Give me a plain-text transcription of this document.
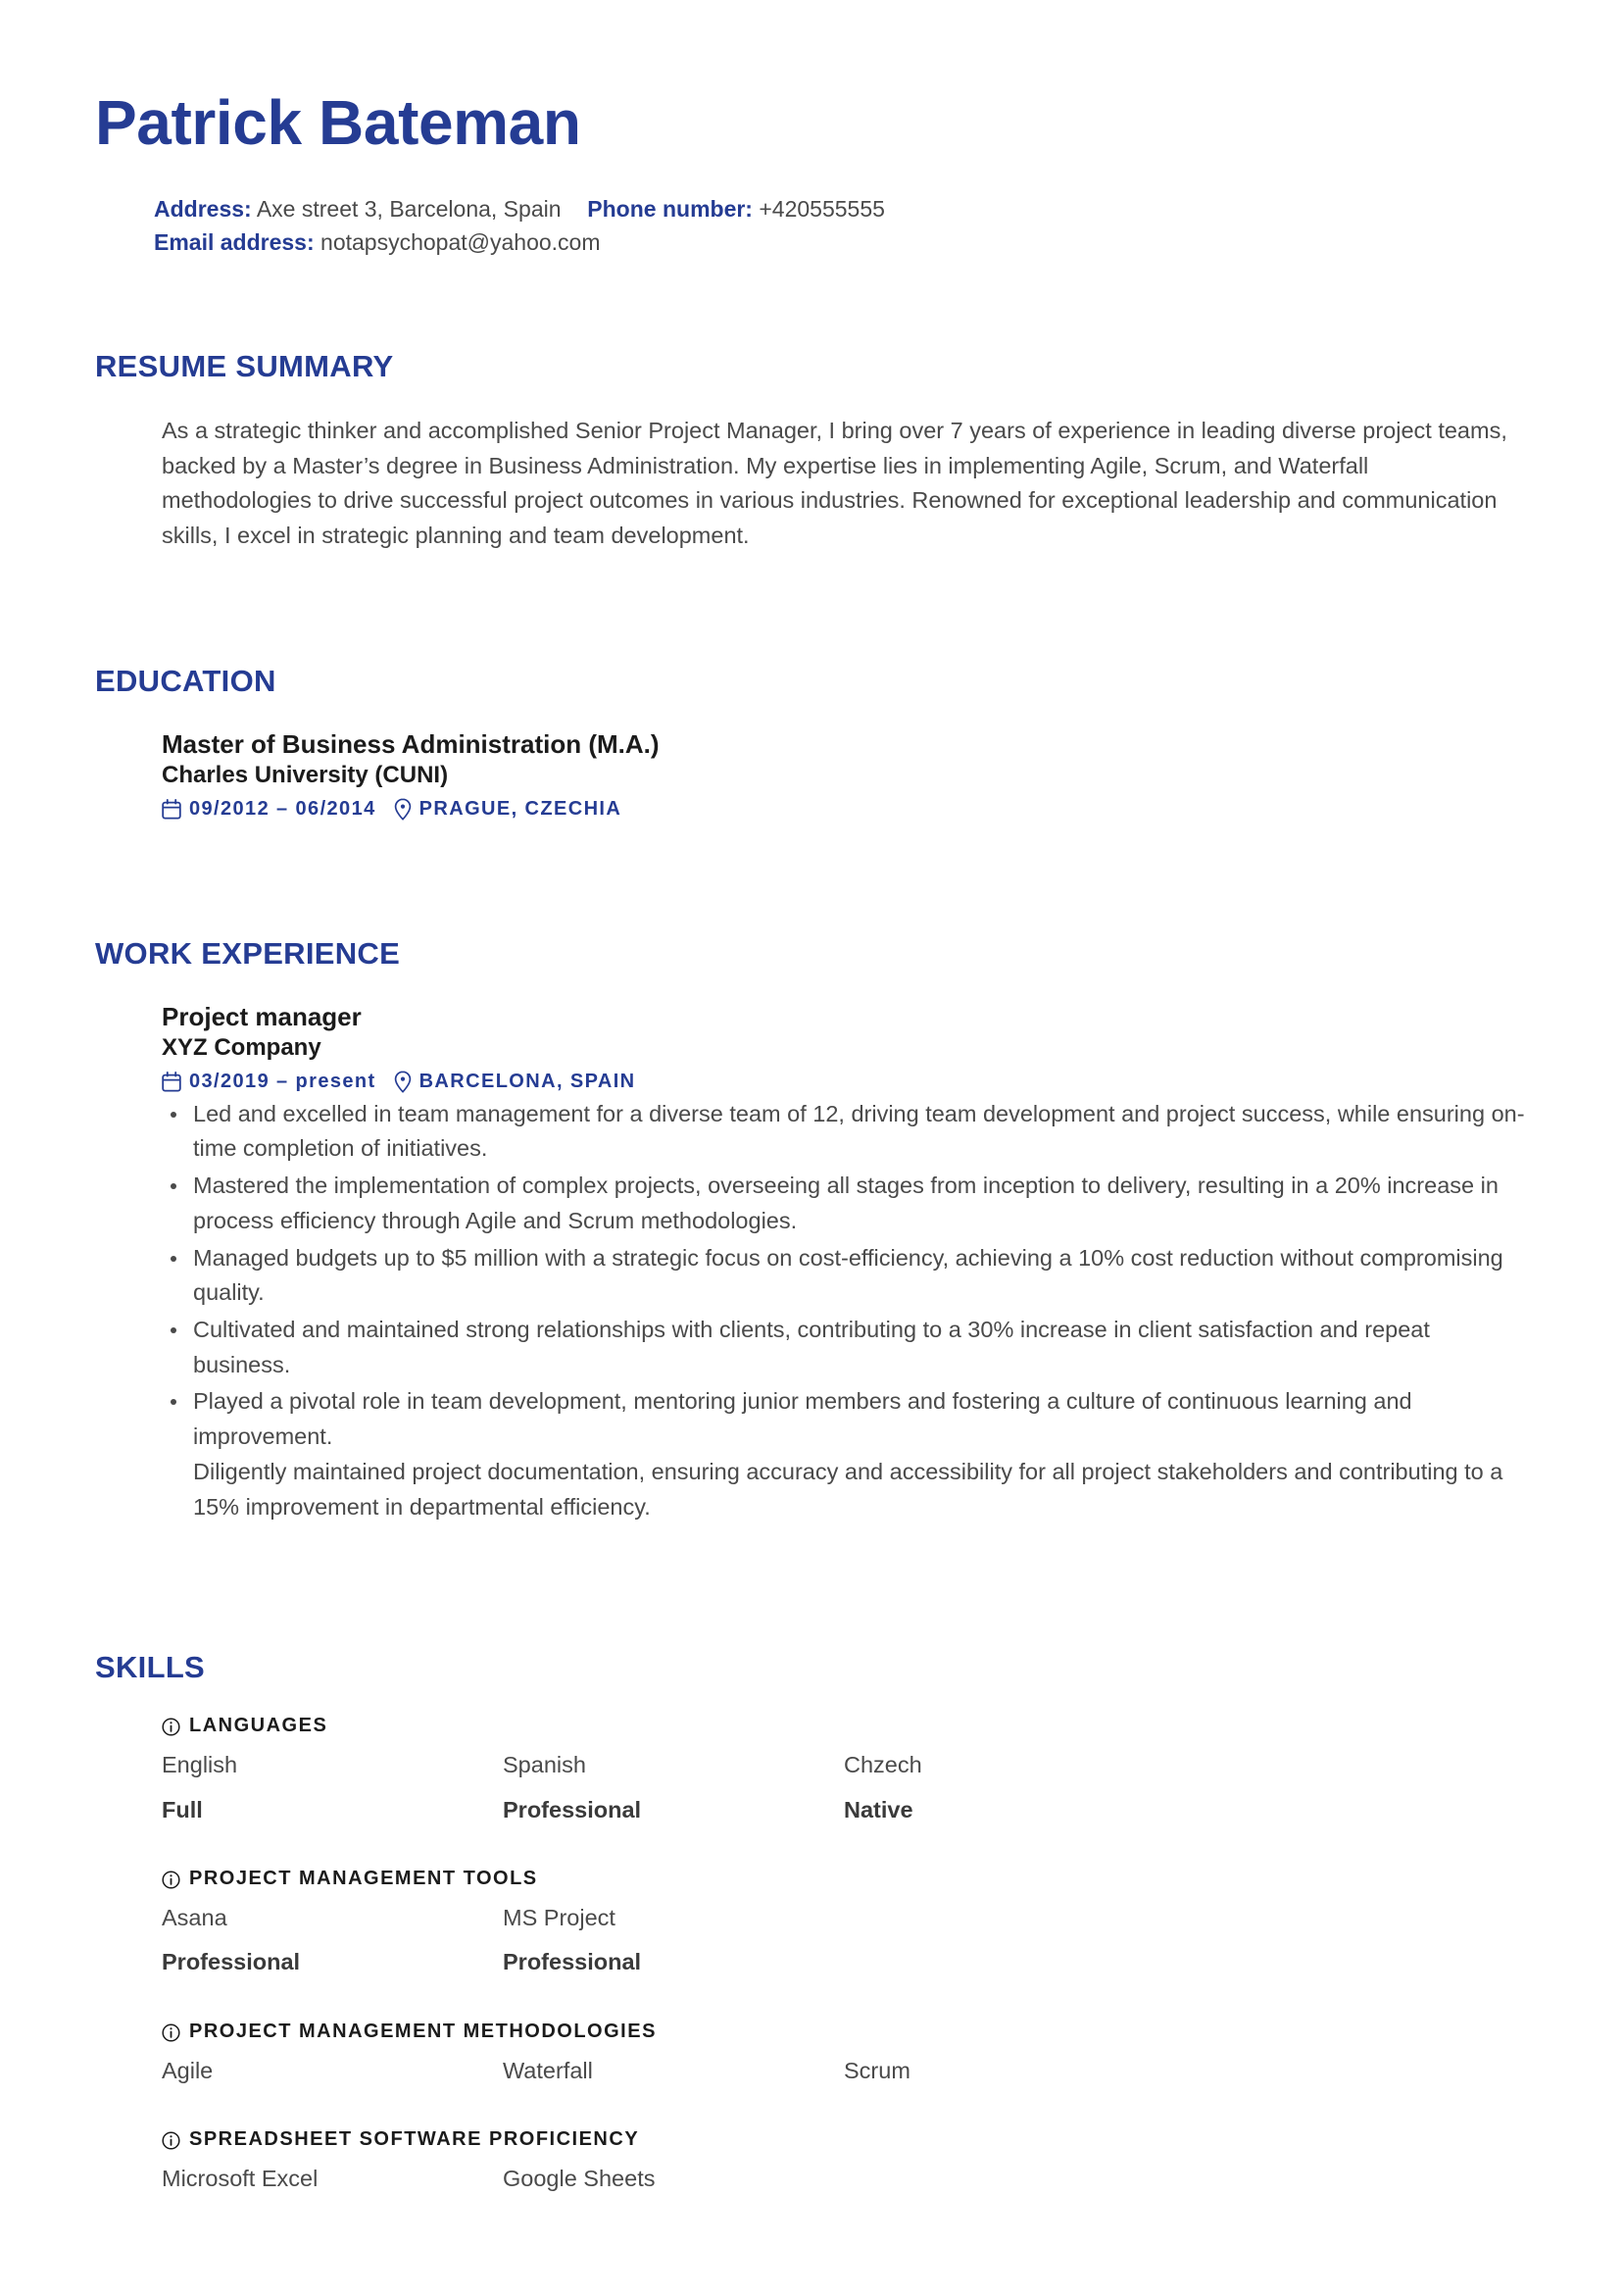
Patrick Bateman
Address: Axe street 3, Barcelona, Spain Phone number: +420555555
Email address: notapsychopat@yahoo.com
RESUME SUMMARY

As a strategic thinker and accomplished Senior Project Manager, I bring over 7 years of experience in leading diverse project teams, backed by a Master’s degree in Business Administration. My expertise lies in implementing Agile, Scrum, and Waterfall methodologies to drive successful project outcomes in various industries. Renowned for exceptional leadership and communication skills, I excel in strategic planning and team development.

EDUCATION
Master of Business Administration (M.A.)
Charles University (CUNI)
09/2012 – 06/2014 PRAGUE, CZECHIA
WORK EXPERIENCE
Project manager
XYZ Company
03/2019 – present BARCELONA, SPAIN
Led and excelled in team management for a diverse team of 12, driving team development and project success, while ensuring on-time completion of initiatives.
Mastered the implementation of complex projects, overseeing all stages from inception to delivery, resulting in a 20% increase in process efficiency through Agile and Scrum methodologies.
Managed budgets up to $5 million with a strategic focus on cost-efficiency, achieving a 10% cost reduction without compromising quality.
Cultivated and maintained strong relationships with clients, contributing to a 30% increase in client satisfaction and repeat business.
Played a pivotal role in team development, mentoring junior members and fostering a culture of continuous learning and improvement.
Diligently maintained project documentation, ensuring accuracy and accessibility for all project stakeholders and contributing to a 15% improvement in departmental efficiency.
SKILLS
LANGUAGES
English	Spanish	Chzech
Full	Professional	Native
PROJECT MANAGEMENT TOOLS
Asana	MS Project
Professional	Professional
PROJECT MANAGEMENT METHODOLOGIES
Agile	Waterfall	Scrum
SPREADSHEET SOFTWARE PROFICIENCY
Microsoft Excel	Google Sheets
